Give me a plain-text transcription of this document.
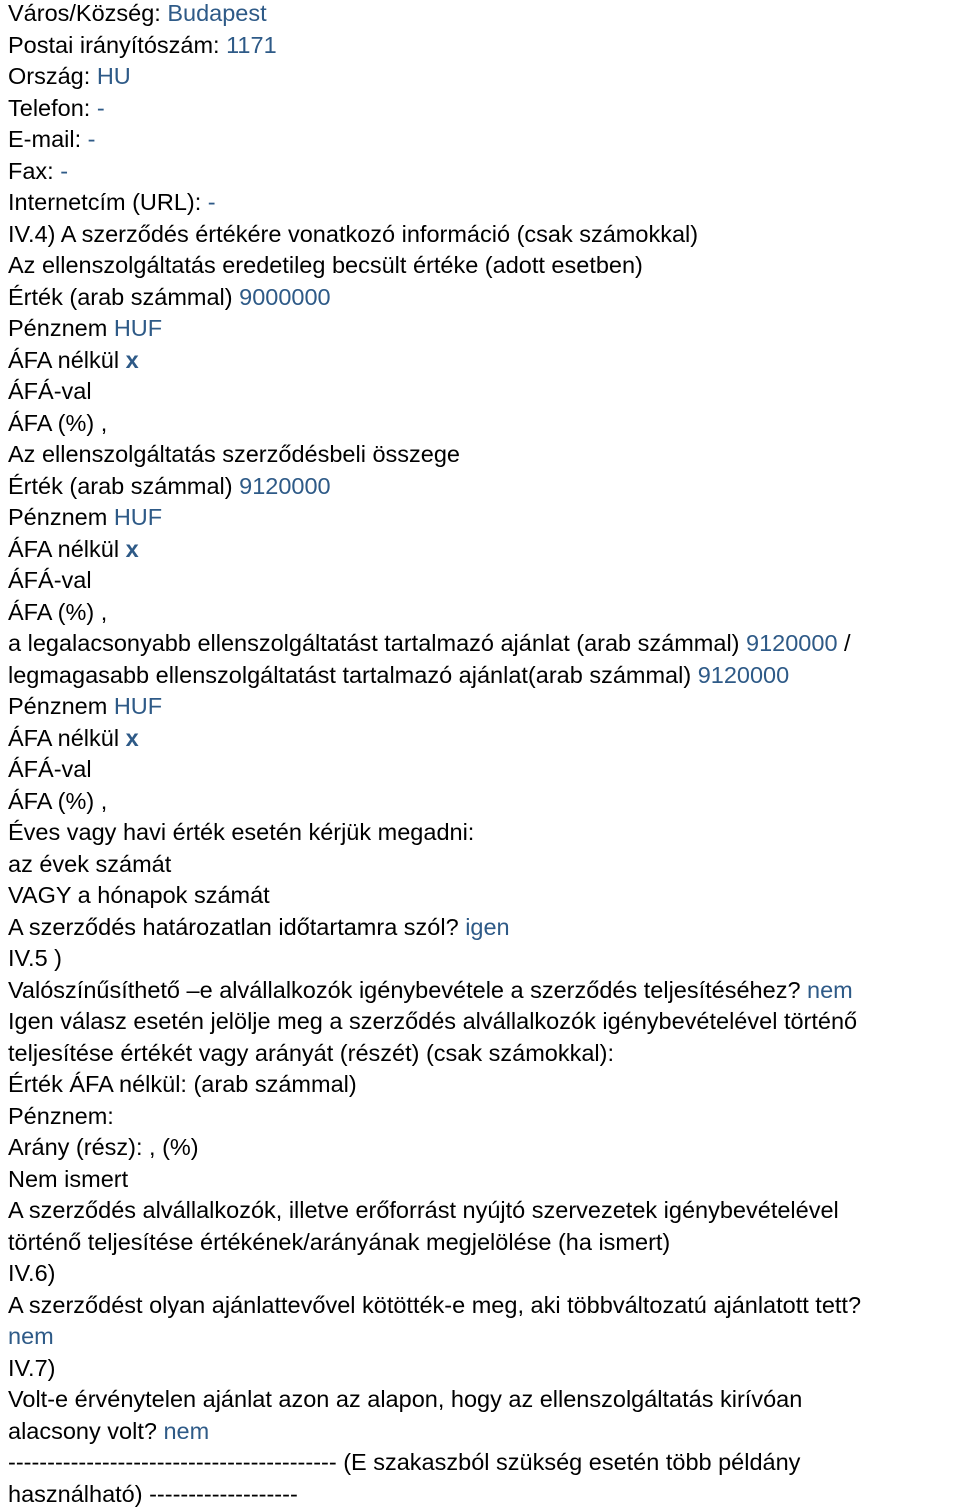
Város/Község: Budapest
Postai irányítószám: 1171
Ország: HU
Telefon: -
E-mail: -
Fax: -
Internetcím (URL): -
IV.4) A szerződés értékére vonatkozó információ (csak számokkal)
Az ellenszolgáltatás eredetileg becsült értéke (adott esetben)
Érték (arab számmal) 9000000
Pénznem HUF
ÁFA nélkül x
ÁFÁ-val
ÁFA (%) ,
Az ellenszolgáltatás szerződésbeli összege
Érték (arab számmal) 9120000
Pénznem HUF
ÁFA nélkül x
ÁFÁ-val
ÁFA (%) ,
a legalacsonyabb ellenszolgáltatást tartalmazó ajánlat (arab számmal) 9120000 /
legmagasabb ellenszolgáltatást tartalmazó ajánlat(arab számmal) 9120000
Pénznem HUF
ÁFA nélkül x
ÁFÁ-val
ÁFA (%) ,
Éves vagy havi érték esetén kérjük megadni:
az évek számát
VAGY a hónapok számát
A szerződés határozatlan időtartamra szól? igen
IV.5 )
Valószínűsíthető –e alvállalkozók igénybevétele a szerződés teljesítéséhez? nem
Igen válasz esetén jelölje meg a szerződés alvállalkozók igénybevételével történő
teljesítése értékét vagy arányát (részét) (csak számokkal):
Érték ÁFA nélkül: (arab számmal)
Pénznem:
Arány (rész): , (%)
Nem ismert
A szerződés alvállalkozók, illetve erőforrást nyújtó szervezetek igénybevételével
történő teljesítése értékének/arányának megjelölése (ha ismert)
IV.6)
A szerződést olyan ajánlattevővel kötötték-e meg, aki többváltozatú ajánlatott tett?
nem
IV.7)
Volt-e érvénytelen ajánlat azon az alapon, hogy az ellenszolgáltatás kirívóan
alacsony volt? nem
------------------------------------------ (E szakaszból szükség esetén több példány
használható) -------------------
